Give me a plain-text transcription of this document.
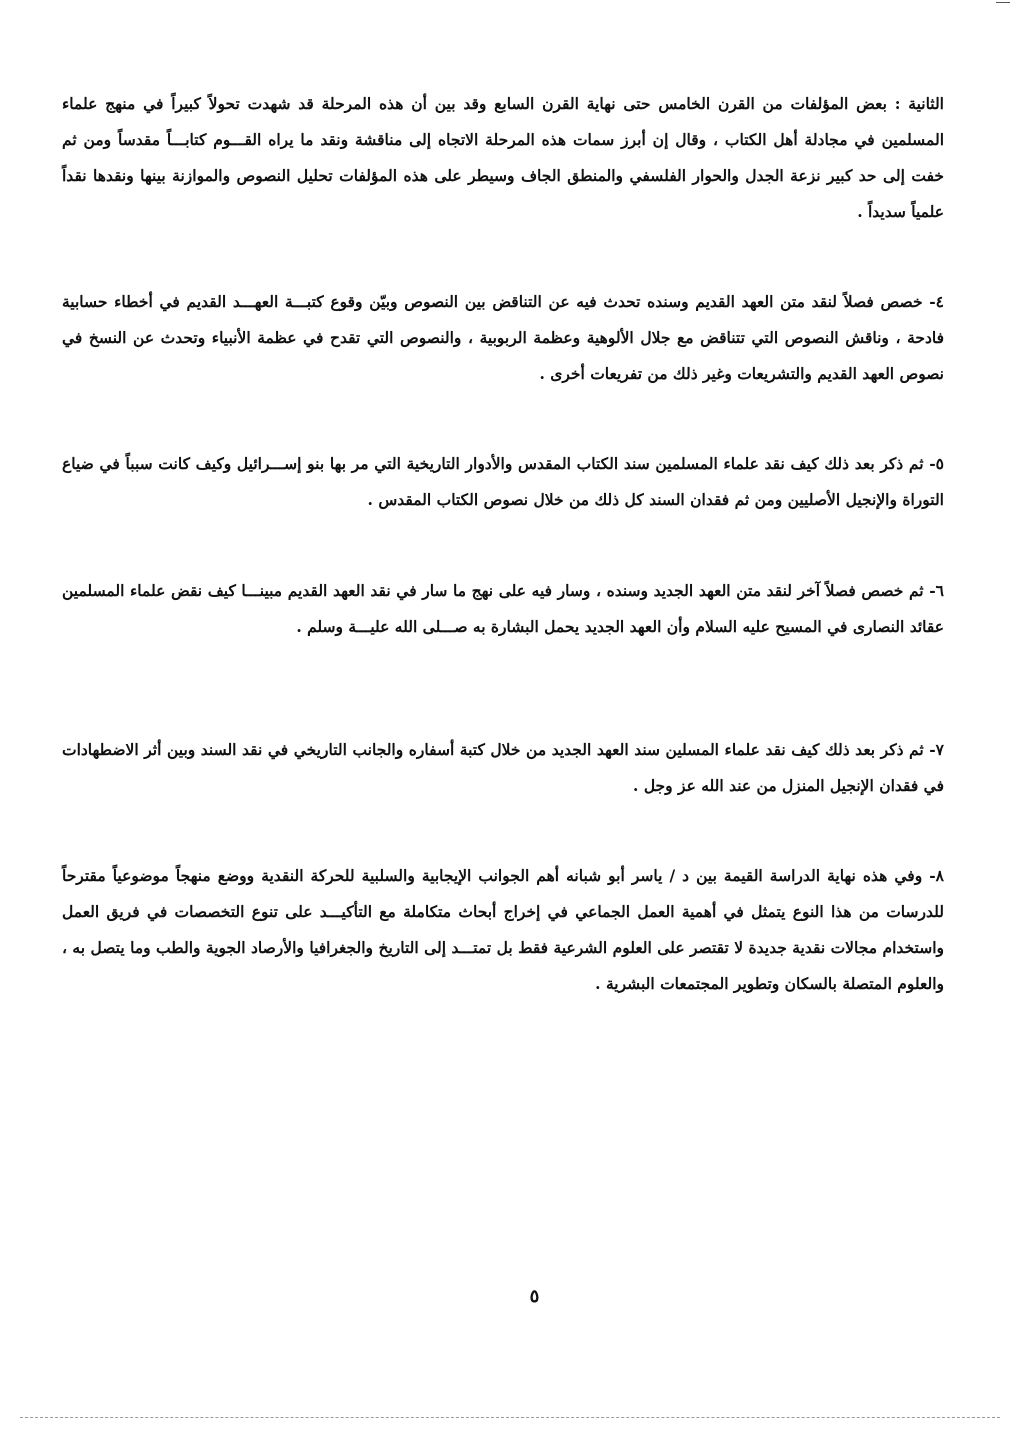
الثانية : بعض المؤلفات من القرن الخامس حتى نهاية القرن السابع وقد بين أن هذه المرحلة قد شهدت تحولاً كبيراً في منهج علماء المسلمين في مجادلة أهل الكتاب ، وقال إن أبرز سمات هذه المرحلة الاتجاه إلى مناقشة ونقد ما يراه القـــوم كتابـــاً مقدساً ومن ثم خفت إلى حد كبير نزعة الجدل والحوار الفلسفي والمنطق الجاف وسيطر على هذه المؤلفات تحليل النصوص والموازنة بينها ونقدها نقداً علمياً سديداً .

٤- خصص فصلاً لنقد متن العهد القديم وسنده تحدث فيه عن التناقض بين النصوص وبيّن وقوع كتبـــة العهـــد القديم في أخطاء حسابية فادحة ، وناقش النصوص التي تتناقض مع جلال الألوهية وعظمة الربوبية ، والنصوص التي تقدح في عظمة الأنبياء وتحدث عن النسخ في نصوص العهد القديم والتشريعات وغير ذلك من تفريعات أخرى .

٥- ثم ذكر بعد ذلك كيف نقد علماء المسلمين سند الكتاب المقدس والأدوار التاريخية التي مر بها بنو إســـرائيل وكيف كانت سبباً في ضياع التوراة والإنجيل الأصليين ومن ثم فقدان السند كل ذلك من خلال نصوص الكتاب المقدس .

٦- ثم خصص فصلاً آخر لنقد متن العهد الجديد وسنده ، وسار فيه على نهج ما سار في نقد العهد القديم مبينـــا كيف نقض علماء المسلمين عقائد النصارى في المسيح عليه السلام وأن العهد الجديد يحمل البشارة به صـــلى الله عليـــة وسلم .

٧- ثم ذكر بعد ذلك كيف نقد علماء المسلين سند العهد الجديد من خلال كتبة أسفاره والجانب التاريخي في نقد السند وبين أثر الاضطهادات في فقدان الإنجيل المنزل من عند الله عز وجل .

٨- وفي هذه نهاية الدراسة القيمة بين د / ياسر أبو شبانه أهم الجوانب الإيجابية والسلبية للحركة النقدية ووضع منهجاً موضوعياً مقترحاً للدرسات من هذا النوع يتمثل في أهمية العمل الجماعي في إخراج أبحاث متكاملة مع التأكيـــد على تنوع التخصصات في فريق العمل واستخدام مجالات نقدية جديدة لا تقتصر على العلوم الشرعية فقط بل تمتـــد إلى التاريخ والجغرافيا والأرصاد الجوية والطب وما يتصل به ، والعلوم المتصلة بالسكان وتطوير المجتمعات البشرية .

٥
